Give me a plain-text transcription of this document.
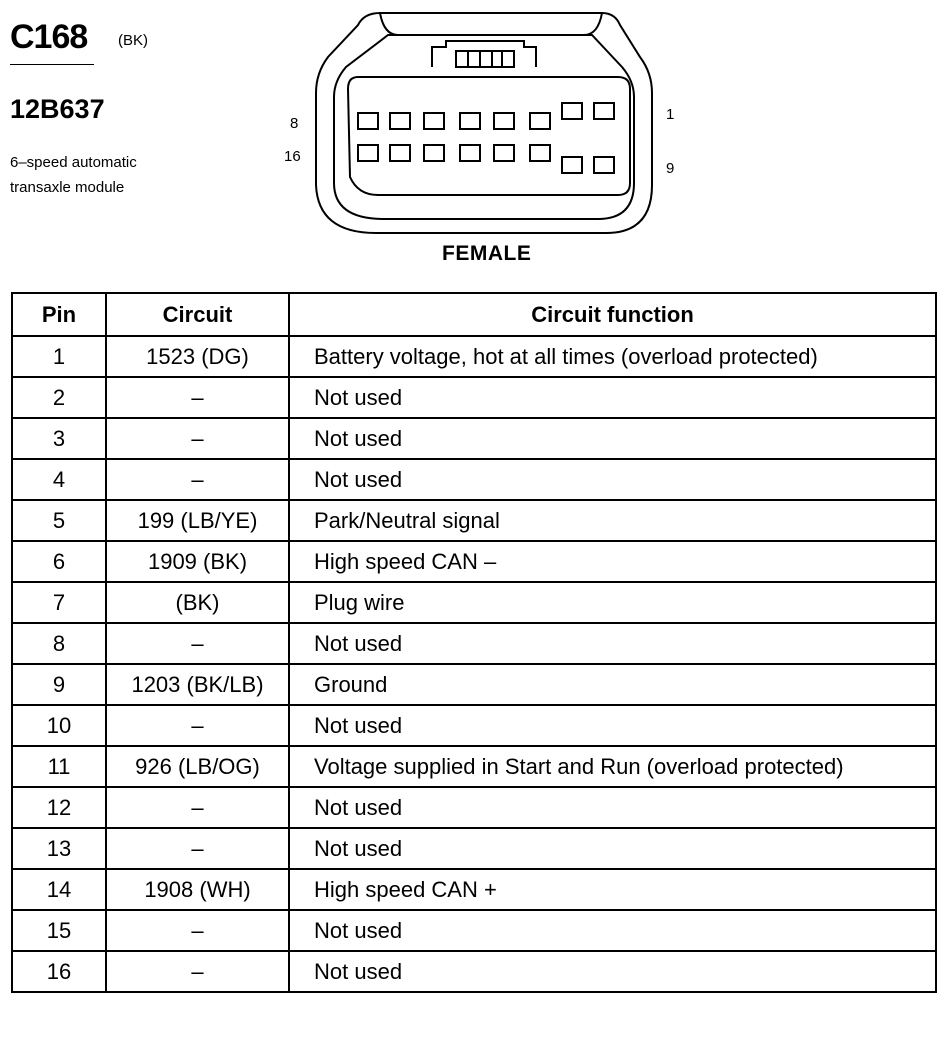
C168 (BK)
12B637
6–speed automatic
transaxle module
8
16
1
9
FEMALE
Pin	Circuit	Circuit function
1	1523 (DG)	Battery voltage, hot at all times (overload protected)
2	–	Not used
3	–	Not used
4	–	Not used
5	199 (LB/YE)	Park/Neutral signal
6	1909 (BK)	High speed CAN –
7	(BK)	Plug wire
8	–	Not used
9	1203 (BK/LB)	Ground
10	–	Not used
11	926 (LB/OG)	Voltage supplied in Start and Run (overload protected)
12	–	Not used
13	–	Not used
14	1908 (WH)	High speed CAN +
15	–	Not used
16	–	Not used
